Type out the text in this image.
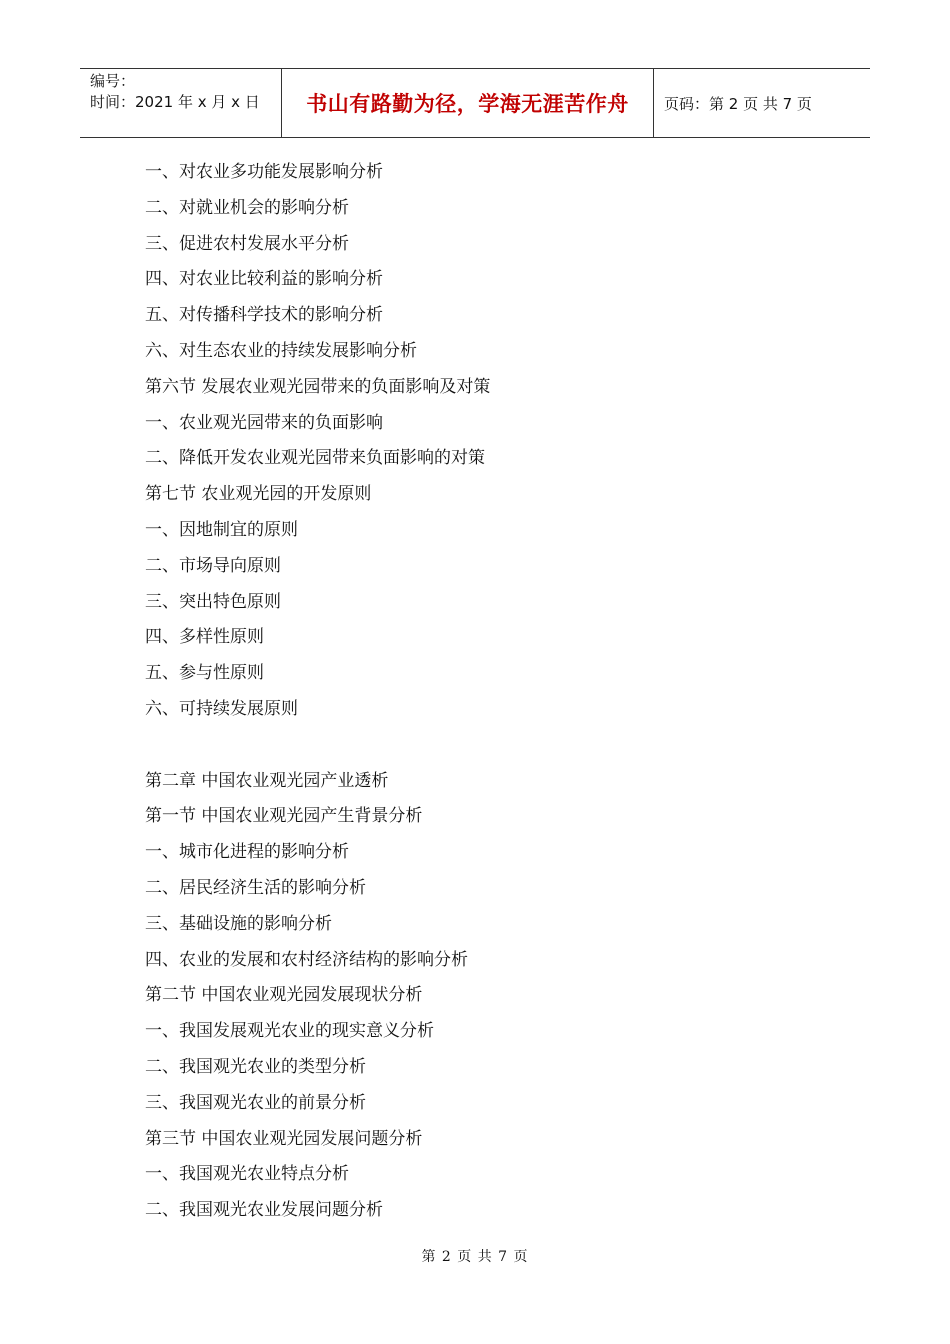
编号：
时间：2021 年 x 月 x 日	书山有路勤为径，学海无涯苦作舟	页码：第 2 页 共 7 页
一、对农业多功能发展影响分析
二、对就业机会的影响分析
三、促进农村发展水平分析
四、对农业比较利益的影响分析
五、对传播科学技术的影响分析
六、对生态农业的持续发展影响分析
第六节 发展农业观光园带来的负面影响及对策
一、农业观光园带来的负面影响
二、降低开发农业观光园带来负面影响的对策
第七节 农业观光园的开发原则
一、因地制宜的原则
二、市场导向原则
三、突出特色原则
四、多样性原则
五、参与性原则
六、可持续发展原则
第二章 中国农业观光园产业透析
第一节 中国农业观光园产生背景分析
一、城市化进程的影响分析
二、居民经济生活的影响分析
三、基础设施的影响分析
四、农业的发展和农村经济结构的影响分析
第二节 中国农业观光园发展现状分析
一、我国发展观光农业的现实意义分析
二、我国观光农业的类型分析
三、我国观光农业的前景分析
第三节 中国农业观光园发展问题分析
一、我国观光农业特点分析
二、我国观光农业发展问题分析
第 2 页 共 7 页
